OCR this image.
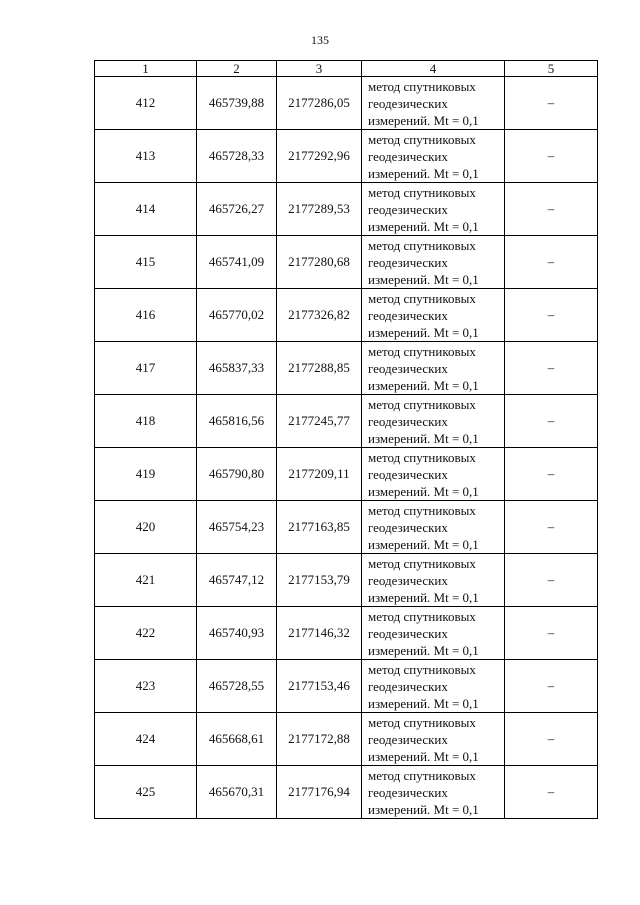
135
1	2	3	4	5
412	465739,88	2177286,05	метод спутниковых
геодезических
измерений. Mt = 0,1	–
413	465728,33	2177292,96	метод спутниковых
геодезических
измерений. Mt = 0,1	–
414	465726,27	2177289,53	метод спутниковых
геодезических
измерений. Mt = 0,1	–
415	465741,09	2177280,68	метод спутниковых
геодезических
измерений. Mt = 0,1	–
416	465770,02	2177326,82	метод спутниковых
геодезических
измерений. Mt = 0,1	–
417	465837,33	2177288,85	метод спутниковых
геодезических
измерений. Mt = 0,1	–
418	465816,56	2177245,77	метод спутниковых
геодезических
измерений. Mt = 0,1	–
419	465790,80	2177209,11	метод спутниковых
геодезических
измерений. Mt = 0,1	–
420	465754,23	2177163,85	метод спутниковых
геодезических
измерений. Mt = 0,1	–
421	465747,12	2177153,79	метод спутниковых
геодезических
измерений. Mt = 0,1	–
422	465740,93	2177146,32	метод спутниковых
геодезических
измерений. Mt = 0,1	–
423	465728,55	2177153,46	метод спутниковых
геодезических
измерений. Mt = 0,1	–
424	465668,61	2177172,88	метод спутниковых
геодезических
измерений. Mt = 0,1	–
425	465670,31	2177176,94	метод спутниковых
геодезических
измерений. Mt = 0,1	–
